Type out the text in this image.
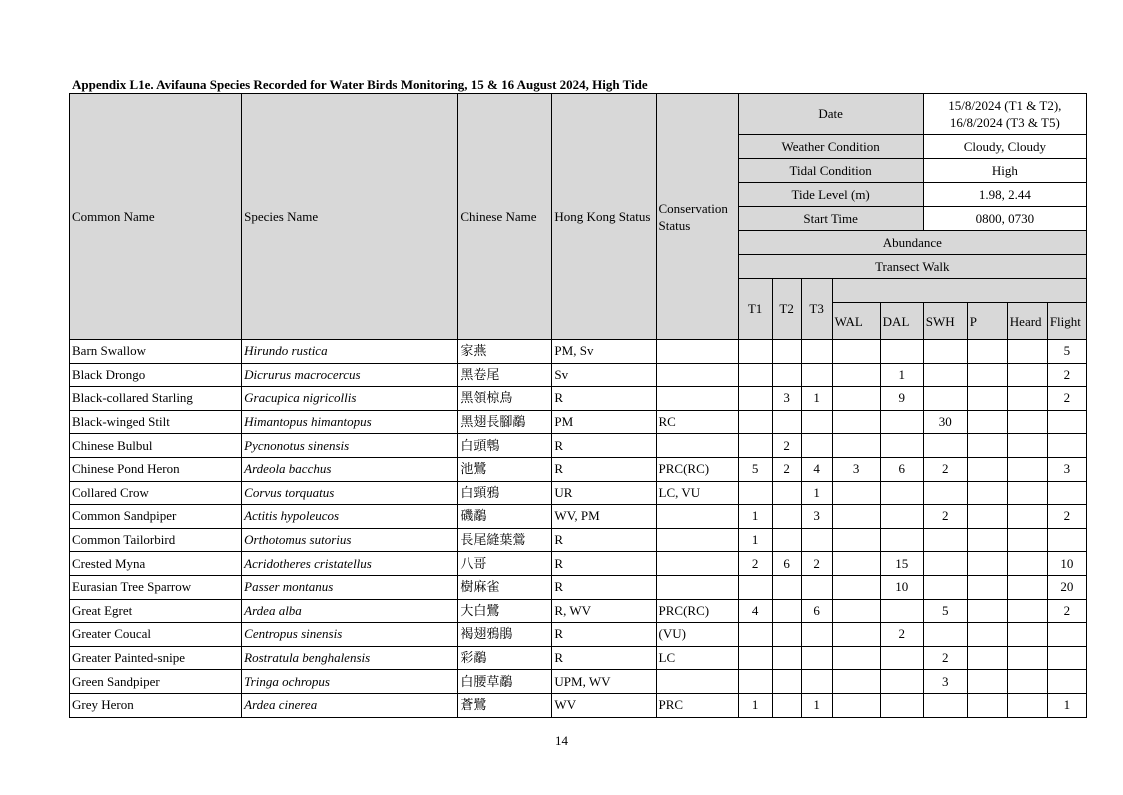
Appendix L1e. Avifauna Species Recorded for Water Birds Monitoring, 15 & 16 August 2024, High Tide
Common Name	Species Name	Chinese Name	Hong Kong Status	Conservation Status	Date					15/8/2024 (T1 & T2), 16/8/2024 (T3 & T5)			
					Weather Condition					Cloudy, Cloudy			
					Tidal Condition					High			
					Tide Level (m)					1.98, 2.44			
					Start Time					0800, 0730			
					Abundance								
					Transect Walk								
					T1	T2	T3						
								WAL	DAL	SWH	P	Heard	Flight
Barn Swallow	Hirundo rustica	家燕	PM, Sv										5
Black Drongo	Dicrurus macrocercus	黑卷尾	Sv						1				2
Black-collared Starling	Gracupica nigricollis	黑領椋鳥	R			3	1		9				2
Black-winged Stilt	Himantopus himantopus	黑翅長腳鷸	PM	RC						30			
Chinese Bulbul	Pycnonotus sinensis	白頭鵯	R			2							
Chinese Pond Heron	Ardeola bacchus	池鷺	R	PRC(RC)	5	2	4	3	6	2			3
Collared Crow	Corvus torquatus	白頸鴉	UR	LC, VU			1						
Common Sandpiper	Actitis hypoleucos	磯鷸	WV, PM		1		3			2			2
Common Tailorbird	Orthotomus sutorius	長尾縫葉鶯	R		1								
Crested Myna	Acridotheres cristatellus	八哥	R		2	6	2		15				10
Eurasian Tree Sparrow	Passer montanus	樹麻雀	R						10				20
Great Egret	Ardea alba	大白鷺	R, WV	PRC(RC)	4		6			5			2
Greater Coucal	Centropus sinensis	褐翅鴉鵑	R	(VU)					2				
Greater Painted-snipe	Rostratula benghalensis	彩鷸	R	LC						2			
Green Sandpiper	Tringa ochropus	白腰草鷸	UPM, WV							3			
Grey Heron	Ardea cinerea	蒼鷺	WV	PRC	1		1						1
14
